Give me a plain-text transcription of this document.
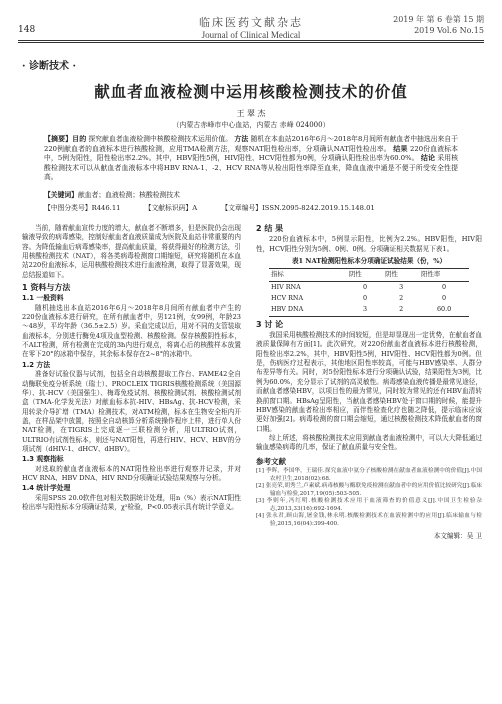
148
临床医药文献杂志
Journal of Clinical Medical
2019 年 第 6 卷第 15 期
2019 Vol.6 No.15
· 诊断技术 ·
献血者血液检测中运用核酸检测技术的价值
王 翠 杰
（内蒙古赤峰市中心血站，内蒙古 赤峰 024000）
【摘要】目的 探究献血者血液检测中核酸检测技术运用价值。 方法 随机在本血站2016年6月～2018年8月间所有献血者中抽选出来自于220例献血者的血液标本进行核酸检测，应用TMA检测方法，观察NAT阳性检出率，分项确认NAT阳性检出率。 结果 220份血液标本中，5例为阳性，阳性检出率2.2%。其中，HBV阳性5例，HIV阳性、HCV阳性都为0例，分项确认阳性检出率为60.0%。 结论 采用核酸检测技术可以从献血者血液标本中将HBV RNA-1、-2、HCV RNA等从检出阳性率降至血来，降血血液中通是不便于所受安全性提高。
【关键词】献血者；血液检测；核酸检测技术
【中图分类号】R446.11	【文献标识码】A	【文章编号】ISSN.2095-8242.2019.15.148.01

当前，随着献血宣传力度的增大，献血者不断增多，但是医院仍会出现输液导致的病毒感染，控制好献血者血液质量成为医院及血站非常重要的内容。为降低输血后病毒感染率，提高献血质量，将获得最好的检测方法，引用核酸检测技术（NAT），将各类病毒检测窗口期缩短，研究将随机在本血站220份血液标本，运用核酸检测技术进行血液检测，取得了显著效果，现总结报道如下。

1 资料与方法
1.1 一般资料

随机抽选出本血站2016年6月～2018年8月间所有献血者中产生的220份血液标本进行研究，在所有献血者中，男121例，女99例，年龄23～48岁，平均年龄（36.5±2.5）岁。采血完成以后，用对不同的支管装取血液标本，分别进行酶免4项及血型检测、核酸检测。保存核酸阴性标本，不ALT检测，所有检测在完成的3h内进行观点，将离心后的核酸样本放置在零下20°的冰箱中保存，其余标本保存在2~8°的冰箱中。

1.2 方法

准备好试验仪器与试剂，包括全自动核酸提取工作台、FAME42全自动酶联免疫分析系统（瑞士）、PROCLEIX TIGRIS核酸检测系统（美国源华）、抗-HCV（美国强生）、梅毒免疫试剂、核酸检测试剂、核酸检测试剂盒（TMA-化学发光法）对献血标本抗-HIV、HBsAg、抗-HCV检测，采用转录介导扩增（TMA）检测技术，对ATM检测，标本在生物安全柜内开盖，在样品架中放置，按照全自动核算分析系统操作程序上样，进行单人份NAT检测，在TIGRIS上完成逐一三联检测分析，用ULTRIO试剂，ULTRIO有试剂性标本，则还与NAT阳性，再进行HIV、HCV、HBV的分项试剂（dHIV-1、dHCV、dHBV）。

1.3 观察指标

对选取的献血者血液标本的NAT阳性检出率进行观察并记录，并对HCV RNA、HBV DNA、HIV RND分项确证试验结果观察与分析。

1.4 统计学处理

采用SPSS 20.0软件包对相关数据统计处理，用n（%）表示NAT阳性检出率与阳性标本分项确证结果，χ²检验，P<0.05表示具有统计学意义。

2 结 果

220份血液标本中，5例显示阳性，比例为2.2%。HBV阳性，HIV阳性，HCV阳性分别为5例、0例、0例。分项确证相关数据见下表1。

表1 NAT检测阳性标本分项确证试验结果（份，%）
指标	阴性	阴性	阳性率
HIV RNA	0	3	0
HCV RNA	0	2	0
HBV DNA	3	2	60.0
3 讨 论

我国采用核酸检测技术的时间较短，但是却显现出一定优势，在献血者血液质量保障有方面[1]。此次研究，对220份献血者血液标本进行核酸检测，阳性检出率2.2%，其中，HBV阳性5例，HIV阳性、HCV阳性都为0例。但是，伤病医疗过程表示，其他地区阳性率较高，可能与HBV感染率、人群分布差异等有关。同时，对5份阳性标本进行分项确认试验，结果阳性为3例，比例为60.0%，充分显示了试剂的高灵敏性。病毒感染血液传播是最常见途径，而献血者感染HBV，以项目性的最为常见，同时较为常见的还有HBV血清转换前窗口期。HBsAg呈阳性，当献血者感染HBV处于窗口期的时候，能提升HBV感染的献血者检出率相应，而伴性检查化疗也随之降低，提示临床应该更好加强[2]。病毒检测的窗口期会缩短，通过核酸检测技术降低献血者的窗口期。

综上所述，将核酸检测技术应用到献血者血液检测中，可以大大降低通过输血感染病毒的几率，保证了献血质量与安全性。

参考文献
[1] 季晖，李国华，王瑞佳.探究血液中氨分子核酸检测在献血者血液检测中的价值[J].中国农村卫生,2018(02):68.
[2] 张亮荣,胡秀兰,卢素斌.病毒核酸与酶联免疫检测在献血者中的应用价值比较研究[J].临床输血与检验,2017,19(05):503-505.
[3] 李则年,冯红明.核酸检测技术应用于血液筛查的价值意义[J].中国卫生检验杂志,2013,33(16):692-1694.
[4] 张永君,顾山海,屠金钱,林永明.核酸检测技术在血液检测中的应用[J].临床输血与检验,2015,16(04):399-400.
本文编辑：吴 卫
